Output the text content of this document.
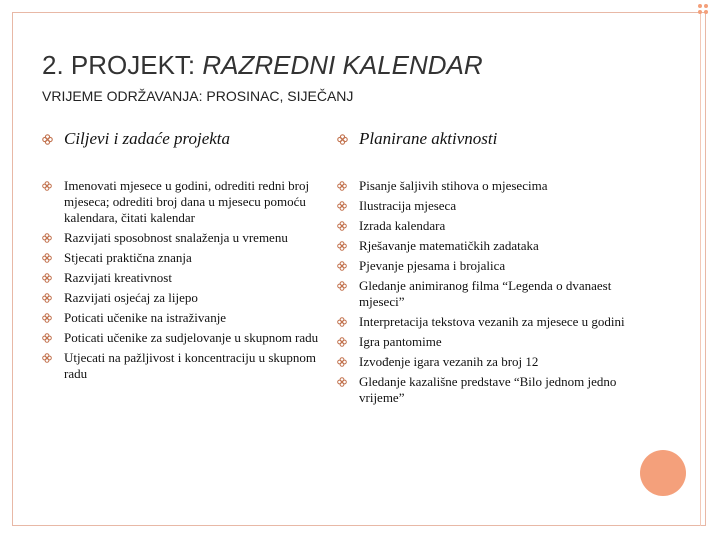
2. PROJEKT: RAZREDNI KALENDAR
VRIJEME ODRŽAVANJA: PROSINAC, SIJEČANJ
Ciljevi i zadaće projekta
Imenovati mjesece u godini, odrediti redni broj mjeseca; odrediti broj dana u mjesecu pomoću kalendara, čitati kalendar
Razvijati sposobnost snalaženja u vremenu
Stjecati praktična znanja
Razvijati kreativnost
Razvijati osjećaj za lijepo
Poticati učenike na istraživanje
Poticati učenike za sudjelovanje u skupnom radu
Utjecati na pažljivost i koncentraciju u skupnom radu
Planirane aktivnosti
Pisanje šaljivih stihova o mjesecima
Ilustracija mjeseca
Izrada kalendara
Rješavanje matematičkih zadataka
Pjevanje pjesama i brojalica
Gledanje animiranog filma “Legenda o dvanaest mjeseci”
Interpretacija tekstova vezanih za mjesece u godini
Igra pantomime
Izvođenje igara vezanih za broj 12
Gledanje kazališne predstave “Bilo jednom jedno vrijeme”
